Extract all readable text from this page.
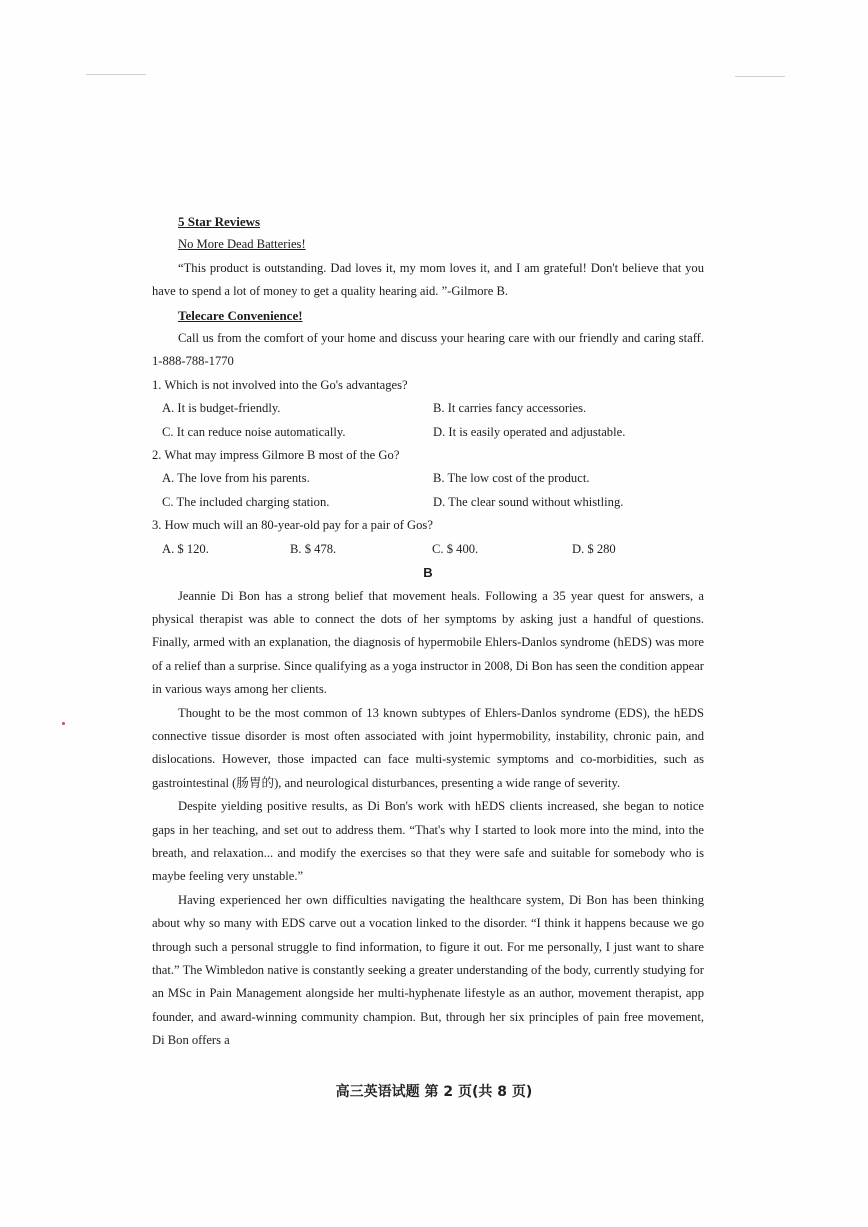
5 Star Reviews
No More Dead Batteries!

“This product is outstanding. Dad loves it, my mom loves it, and I am grateful! Don't believe that you have to spend a lot of money to get a quality hearing aid. ”-Gilmore B.

Telecare Convenience!

Call us from the comfort of your home and discuss your hearing care with our friendly and caring staff. 1-888-788-1770

1. Which is not involved into the Go's advantages?

A. It is budget-friendly.	B. It carries fancy accessories.
C. It can reduce noise automatically.	D. It is easily operated and adjustable.

2. What may impress Gilmore B most of the Go?

A. The love from his parents.	B. The low cost of the product.
C. The included charging station.	D. The clear sound without whistling.

3. How much will an 80-year-old pay for a pair of Gos?

A. $ 120.	B. $ 478.	C. $ 400.	D. $ 280

B

Jeannie Di Bon has a strong belief that movement heals. Following a 35 year quest for answers, a physical therapist was able to connect the dots of her symptoms by asking just a handful of questions. Finally, armed with an explanation, the diagnosis of hypermobile Ehlers-Danlos syndrome (hEDS) was more of a relief than a surprise. Since qualifying as a yoga instructor in 2008, Di Bon has seen the condition appear in various ways among her clients.

Thought to be the most common of 13 known subtypes of Ehlers-Danlos syndrome (EDS), the hEDS connective tissue disorder is most often associated with joint hypermobility, instability, chronic pain, and dislocations. However, those impacted can face multi-systemic symptoms and co-morbidities, such as gastrointestinal (肠胃的), and neurological disturbances, presenting a wide range of severity.

Despite yielding positive results, as Di Bon's work with hEDS clients increased, she began to notice gaps in her teaching, and set out to address them. “That's why I started to look more into the mind, into the breath, and relaxation... and modify the exercises so that they were safe and suitable for somebody who is maybe feeling very unstable.”

Having experienced her own difficulties navigating the healthcare system, Di Bon has been thinking about why so many with EDS carve out a vocation linked to the disorder. “I think it happens because we go through such a personal struggle to find information, to figure it out. For me personally, I just want to share that.” The Wimbledon native is constantly seeking a greater understanding of the body, currently studying for an MSc in Pain Management alongside her multi-hyphenate lifestyle as an author, movement therapist, app founder, and award-winning community champion. But, through her six principles of pain free movement, Di Bon offers a

高三英语试题 第 2 页(共 8 页)
